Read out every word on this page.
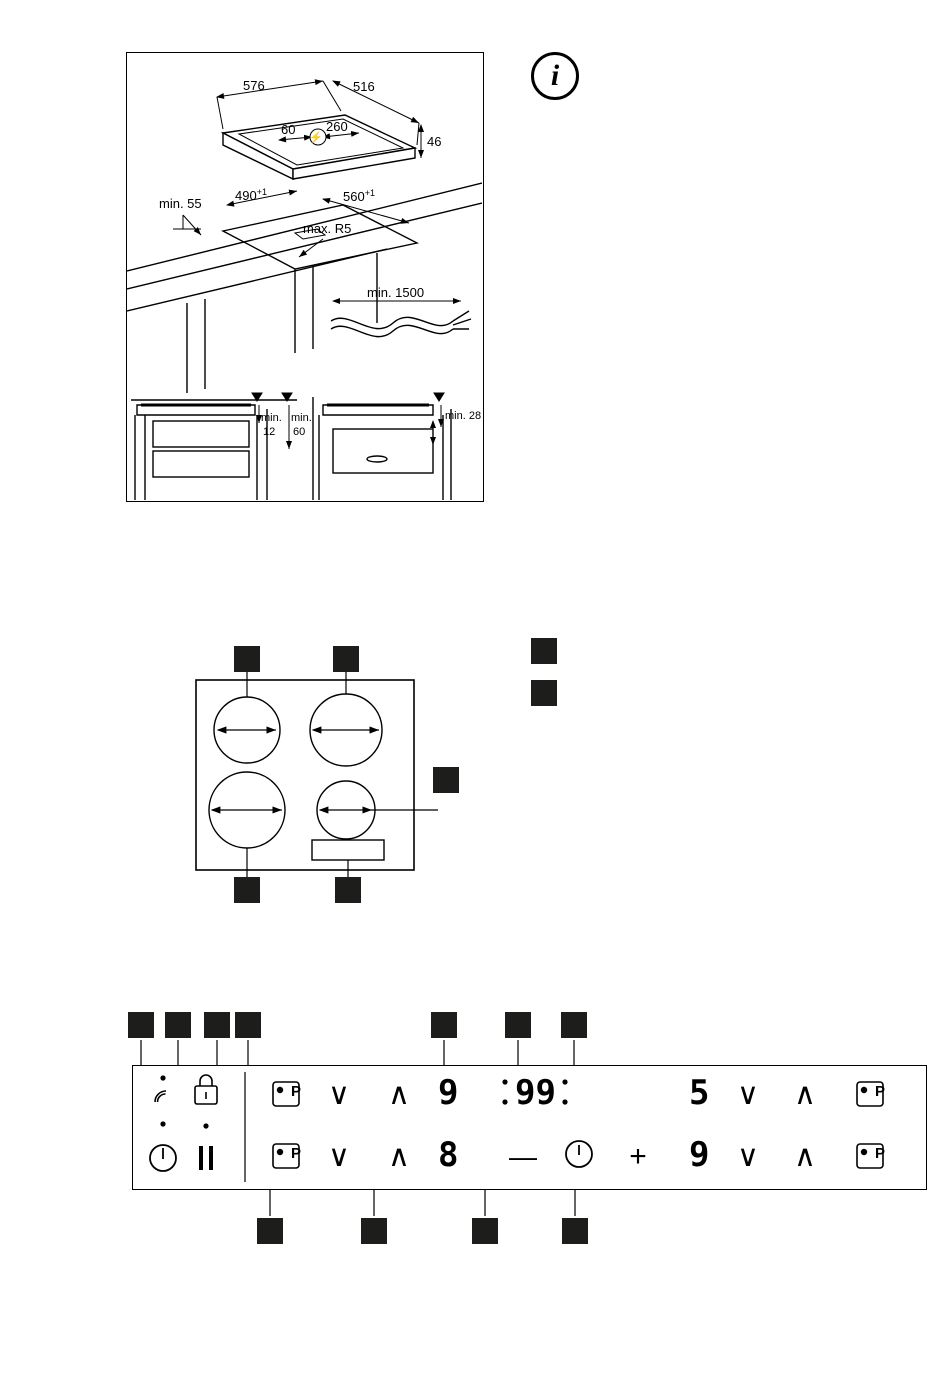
576	516
⚡
60 260
46
$490^{+1}$	$560^{+1}$
min. 55
max. R5
min. 1500
min.
12
min.
60
min. 28
i
P
P
∨ ∧
∨ ∧	—	+
∨ ∧
∨ ∧
P
P
9
8
99	5
9
